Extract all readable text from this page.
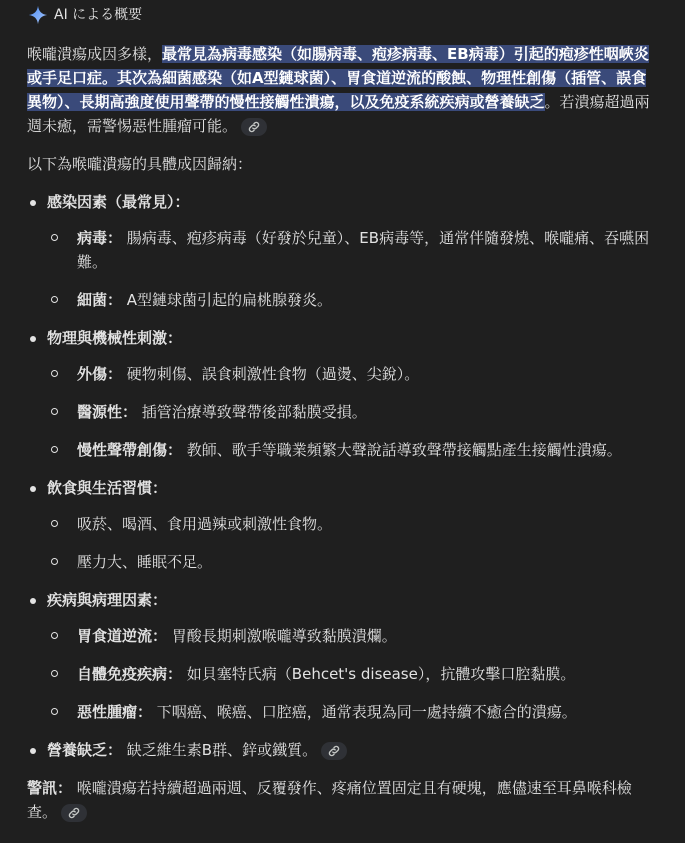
AI による概要

喉嚨潰瘍成因多樣，最常見為病毒感染（如腸病毒、疱疹病毒、EB病毒）引起的疱疹性咽峽炎或手足口症。其次為細菌感染（如A型鏈球菌）、胃食道逆流的酸蝕、物理性創傷（插管、誤食異物）、長期高強度使用聲帶的慢性接觸性潰瘍，以及免疫系統疾病或營養缺乏。若潰瘍超過兩週未癒，需警惕惡性腫瘤可能。

以下為喉嚨潰瘍的具體成因歸納：

感染因素（最常見）：
病毒： 腸病毒、疱疹病毒（好發於兒童）、EB病毒等，通常伴隨發燒、喉嚨痛、吞嚥困難。
細菌： A型鏈球菌引起的扁桃腺發炎。
物理與機械性刺激：
外傷： 硬物刺傷、誤食刺激性食物（過燙、尖銳）。
醫源性： 插管治療導致聲帶後部黏膜受損。
慢性聲帶創傷： 教師、歌手等職業頻繁大聲說話導致聲帶接觸點產生接觸性潰瘍。
飲食與生活習慣：
吸菸、喝酒、食用過辣或刺激性食物。
壓力大、睡眠不足。
疾病與病理因素：
胃食道逆流： 胃酸長期刺激喉嚨導致黏膜潰爛。
自體免疫疾病： 如貝塞特氏病（Behcet's disease），抗體攻擊口腔黏膜。
惡性腫瘤： 下咽癌、喉癌、口腔癌，通常表現為同一處持續不癒合的潰瘍。
營養缺乏： 缺乏維生素B群、鋅或鐵質。

警訊： 喉嚨潰瘍若持續超過兩週、反覆發作、疼痛位置固定且有硬塊，應儘速至耳鼻喉科檢查。
